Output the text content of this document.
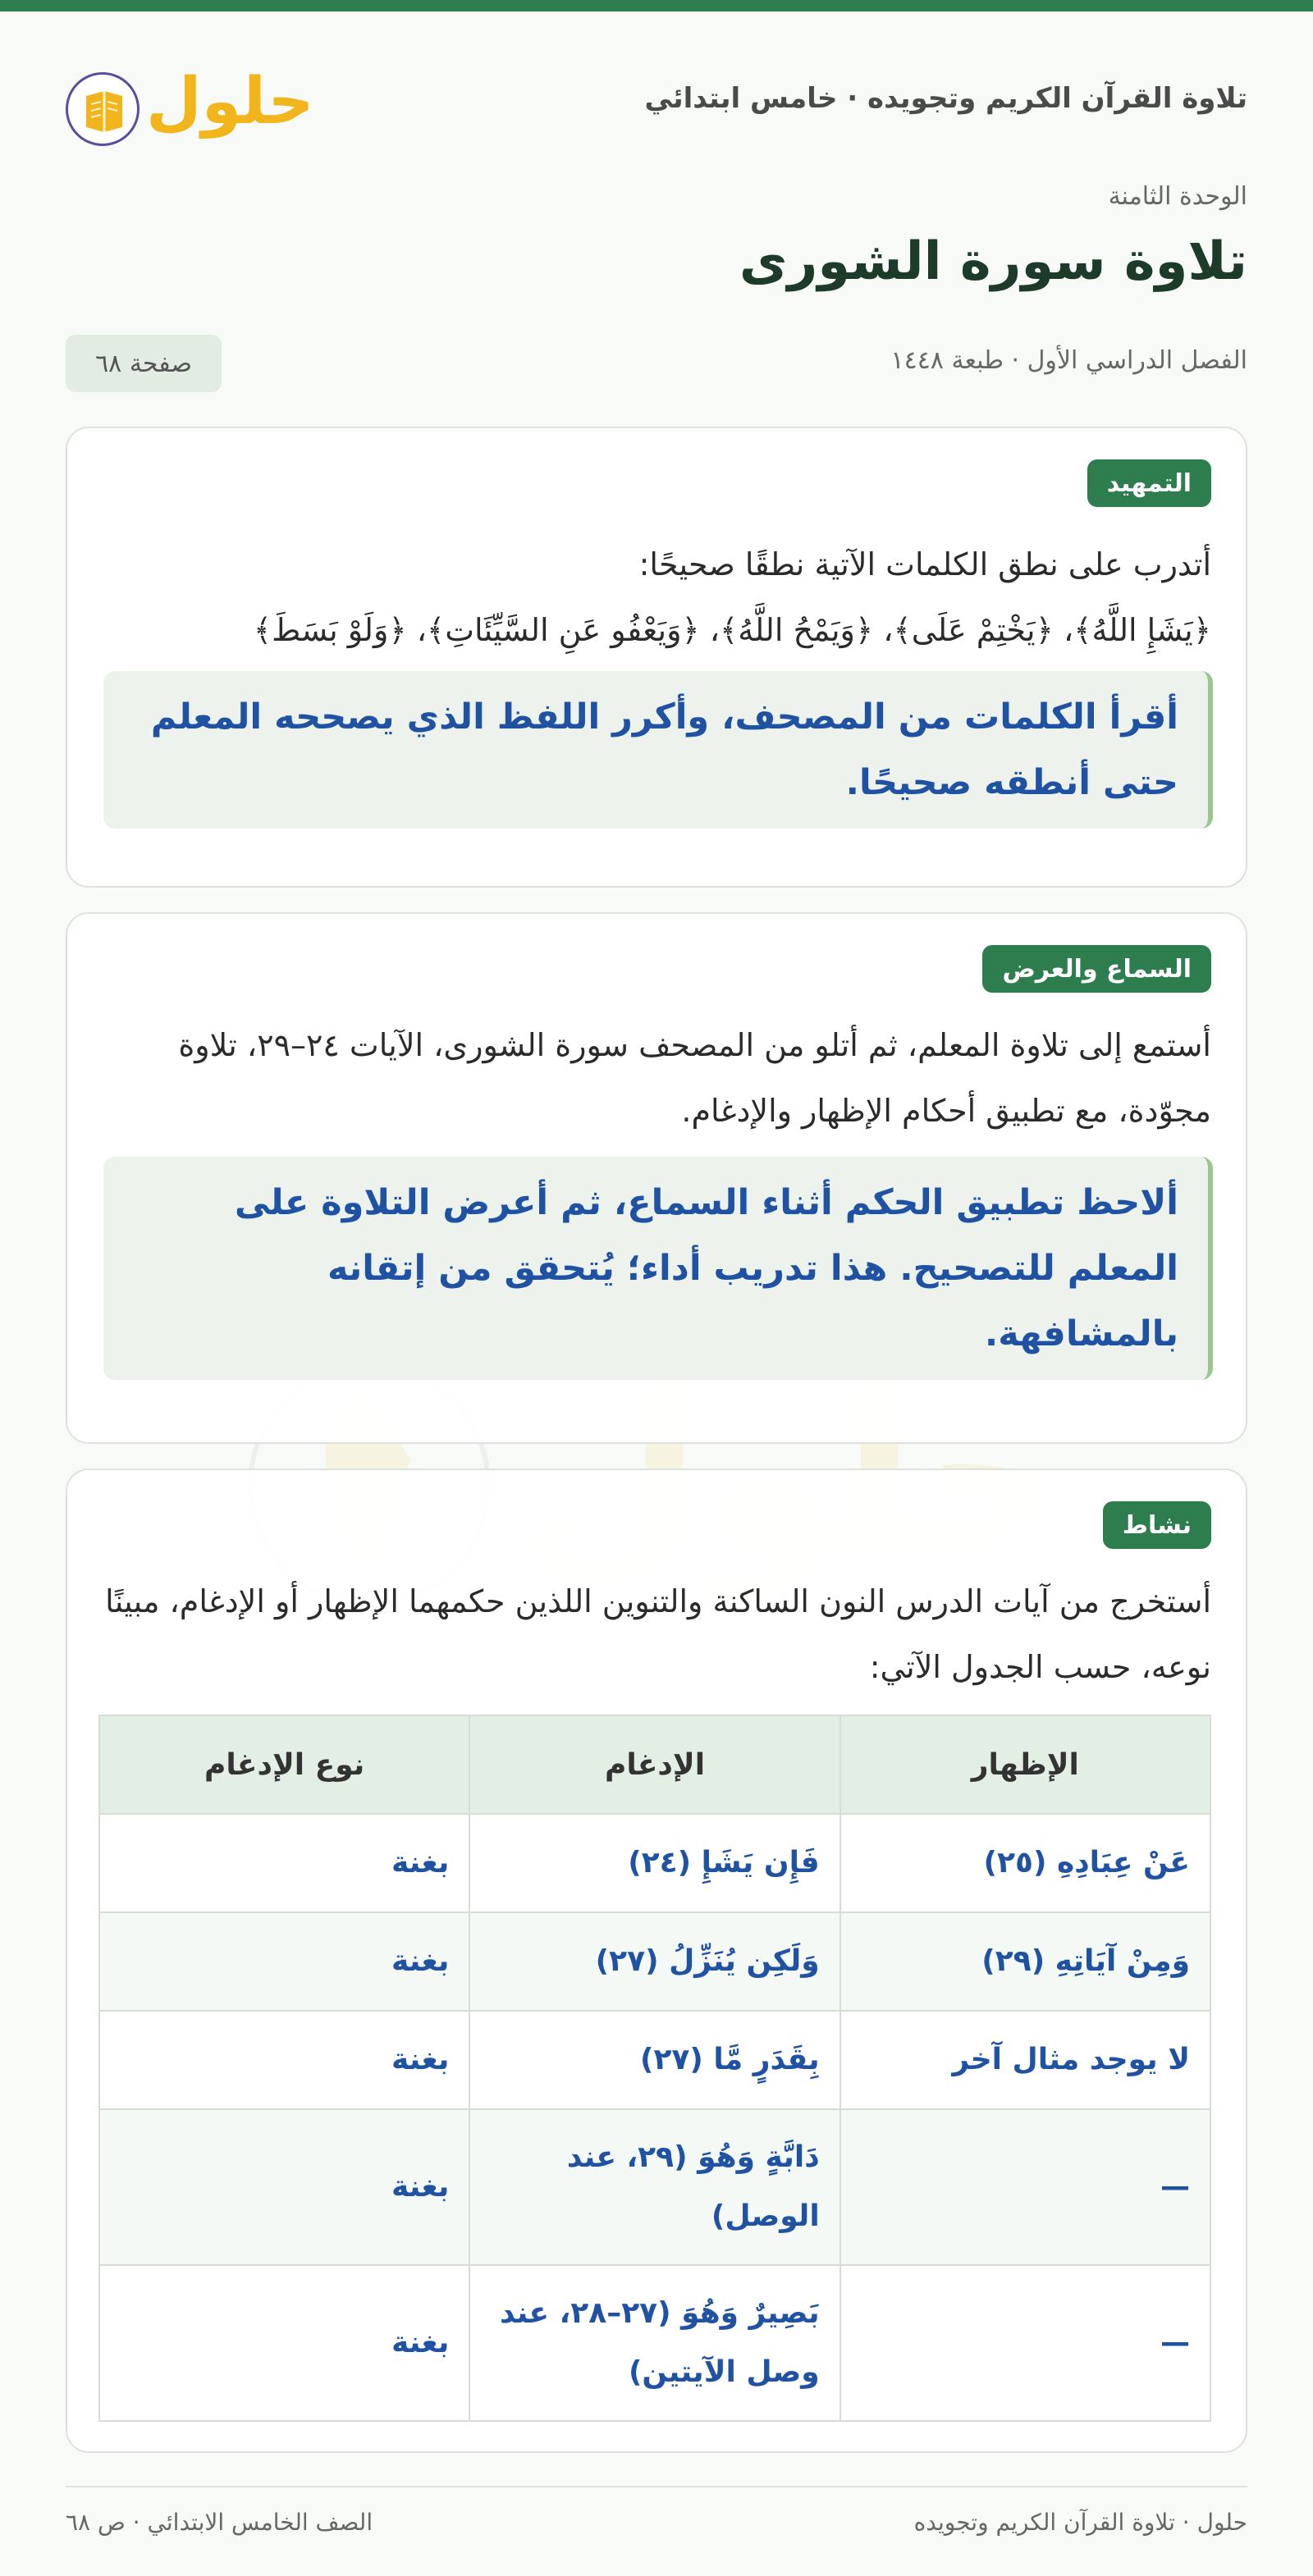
تلاوة القرآن الكريم وتجويده · خامس ابتدائي
حلول
الوحدة الثامنة
تلاوة سورة الشورى
الفصل الدراسي الأول · طبعة ١٤٤٨
صفحة ٦٨
التمهيد

أتدرب على نطق الكلمات الآتية نطقًا صحيحًا:

﴿يَشَإِ اللَّهُ﴾، ﴿يَخْتِمْ عَلَى﴾، ﴿وَيَمْحُ اللَّهُ﴾، ﴿وَيَعْفُو عَنِ السَّيِّئَاتِ﴾، ﴿وَلَوْ بَسَطَ﴾

أقرأ الكلمات من المصحف، وأكرر اللفظ الذي يصححه المعلم حتى أنطقه صحيحًا.
السماع والعرض

أستمع إلى تلاوة المعلم، ثم أتلو من المصحف سورة الشورى، الآيات ٢٤–٢٩، تلاوة مجوّدة، مع تطبيق أحكام الإظهار والإدغام.

ألاحظ تطبيق الحكم أثناء السماع، ثم أعرض التلاوة على المعلم للتصحيح. هذا تدريب أداء؛ يُتحقق من إتقانه بالمشافهة.
نشاط

أستخرج من آيات الدرس النون الساكنة والتنوين اللذين حكمهما الإظهار أو الإدغام، مبينًا نوعه، حسب الجدول الآتي:

الإظهار	الإدغام	نوع الإدغام
عَنْ عِبَادِهِ (٢٥)	فَإِن يَشَإِ (٢٤)	بغنة
وَمِنْ آيَاتِهِ (٢٩)	وَلَكِن يُنَزِّلُ (٢٧)	بغنة
لا يوجد مثال آخر	بِقَدَرٍ مَّا (٢٧)	بغنة
—	دَابَّةٍ وَهُوَ (٢٩، عند الوصل)	بغنة
—	بَصِيرٌ وَهُوَ (٢٧–٢٨، عند وصل الآيتين)	بغنة
حلول · تلاوة القرآن الكريم وتجويده
الصف الخامس الابتدائي · ص ٦٨
